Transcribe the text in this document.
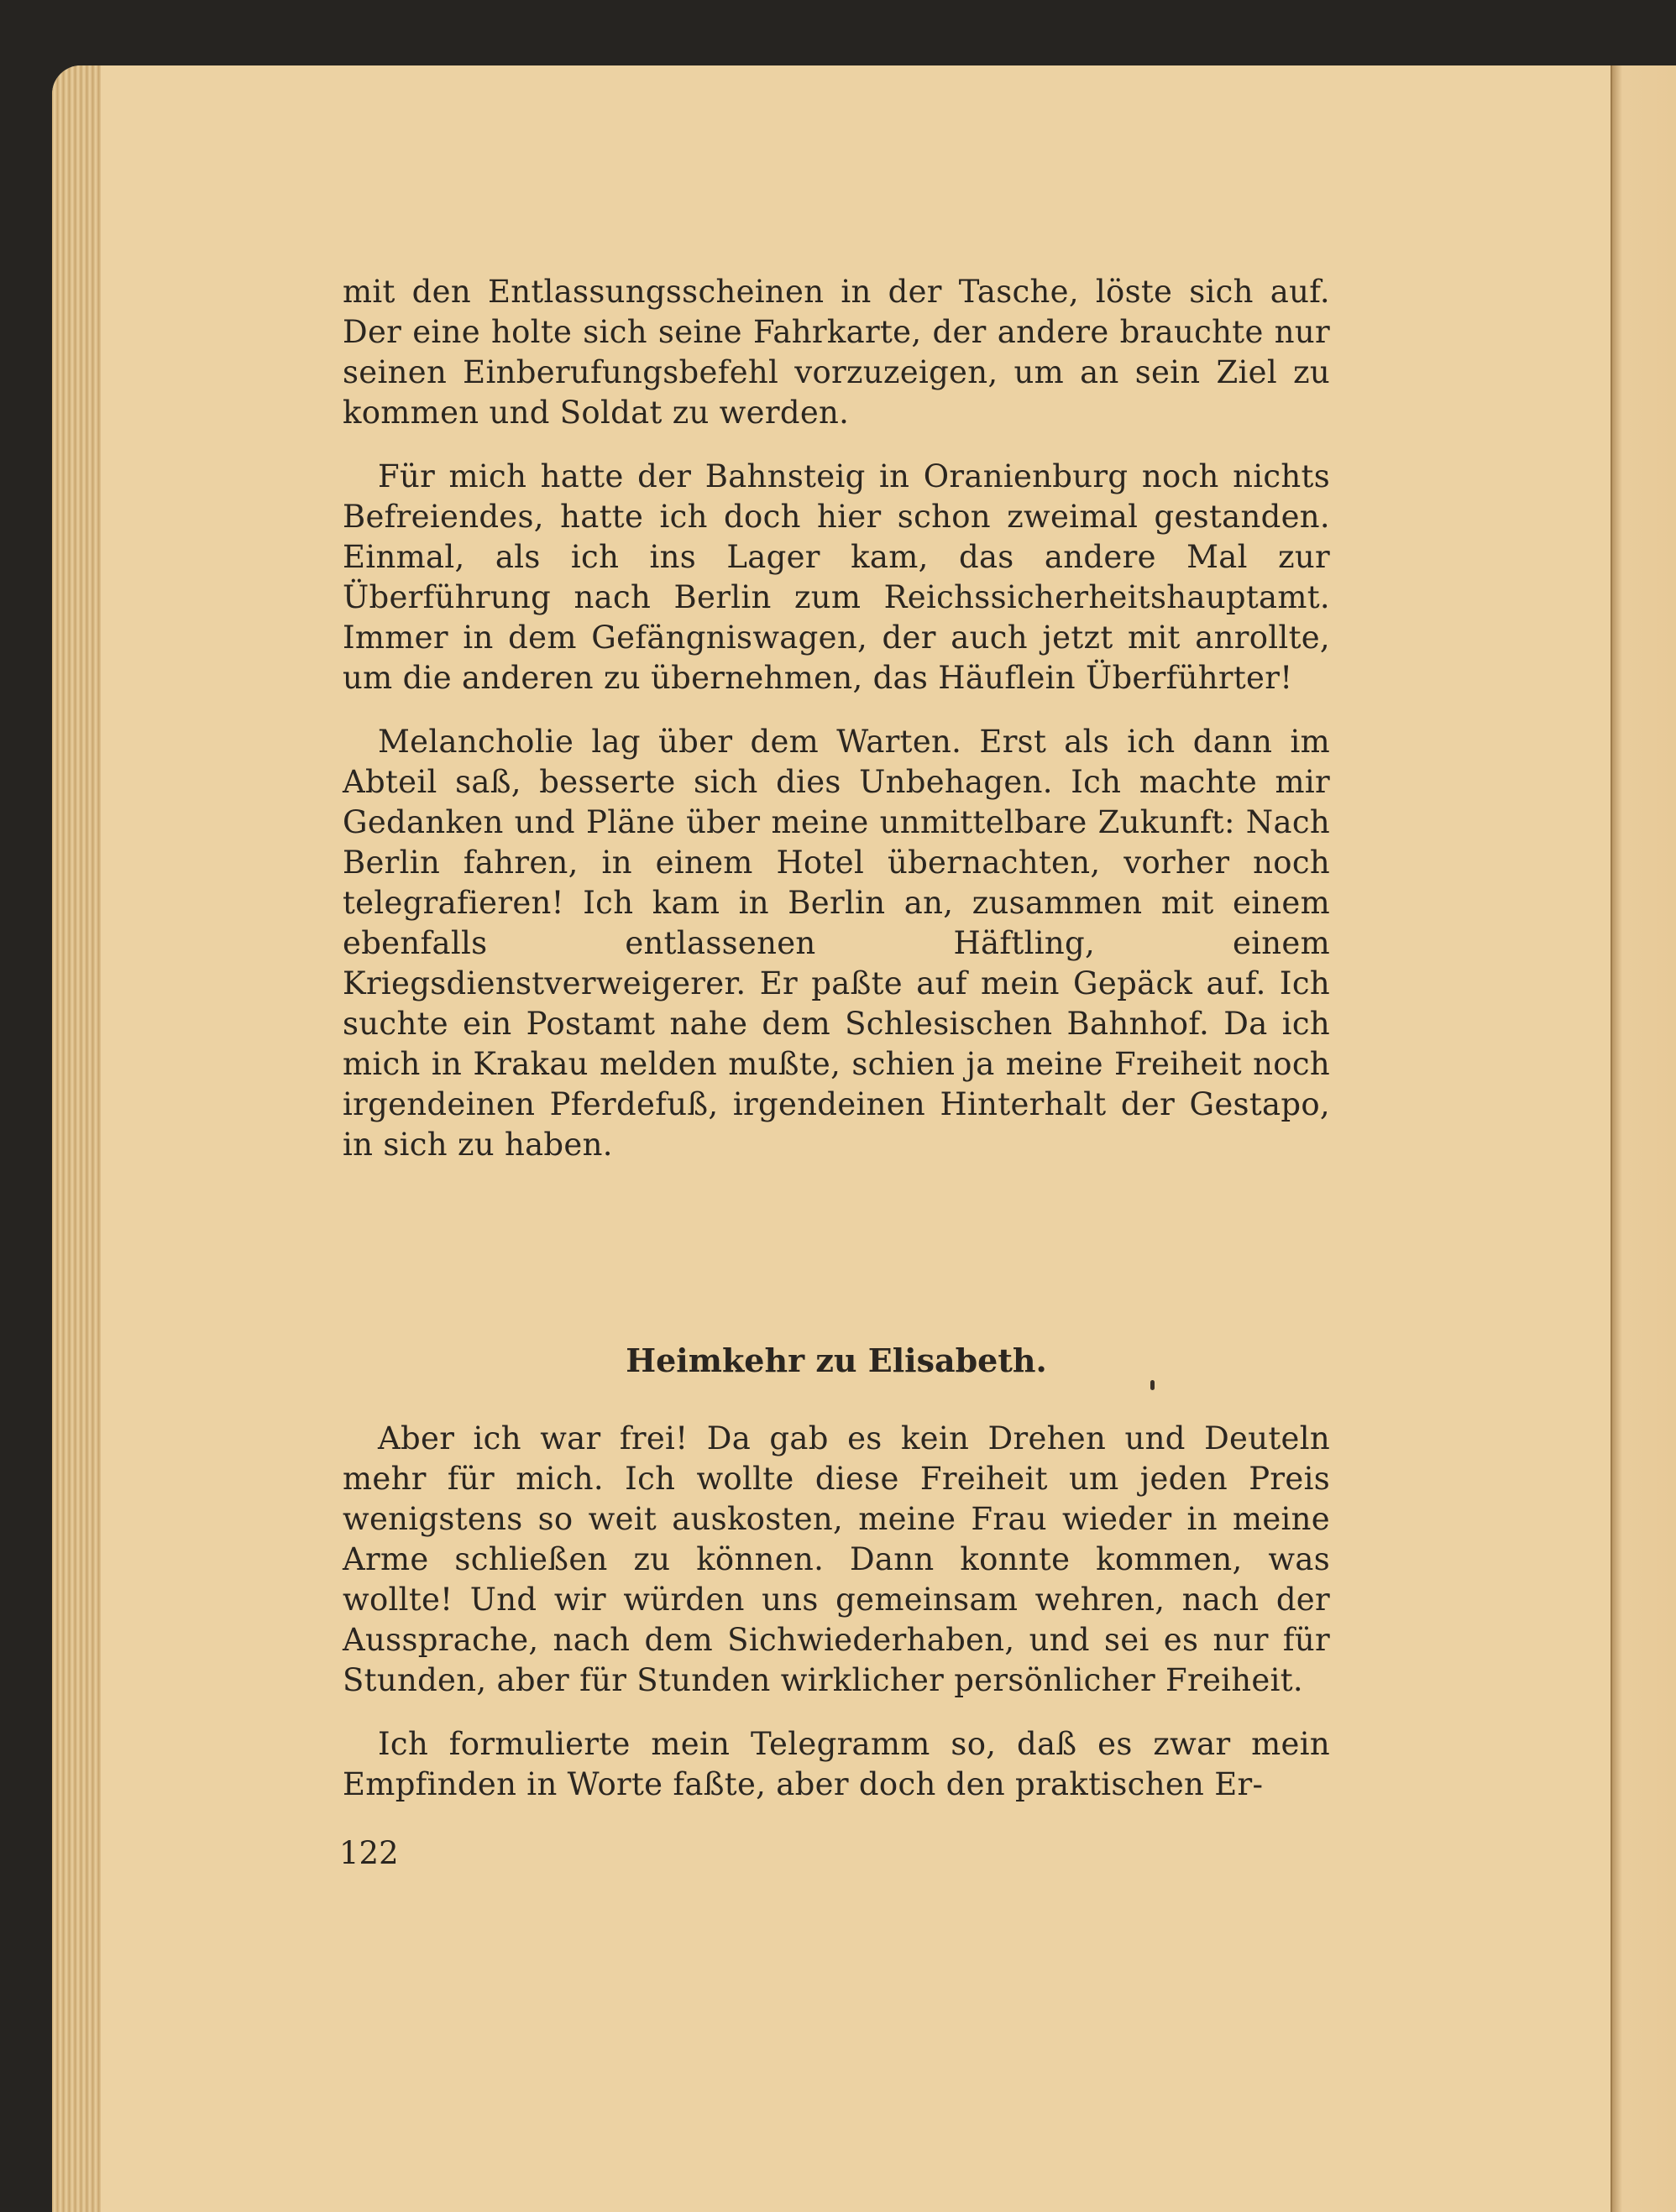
mit den Entlassungsscheinen in der Tasche, löste sich auf. Der eine holte sich seine Fahrkarte, der andere brauchte nur seinen Einberufungsbefehl vorzuzeigen, um an sein Ziel zu kommen und Soldat zu werden.

Für mich hatte der Bahnsteig in Oranienburg noch nichts Befreiendes, hatte ich doch hier schon zweimal gestanden. Einmal, als ich ins Lager kam, das andere Mal zur Überführung nach Berlin zum Reichssicherheitshauptamt. Immer in dem Gefängniswagen, der auch jetzt mit anrollte, um die anderen zu übernehmen, das Häuflein Überführter!

Melancholie lag über dem Warten. Erst als ich dann im Abteil saß, besserte sich dies Unbehagen. Ich machte mir Gedanken und Pläne über meine unmittelbare Zukunft: Nach Berlin fahren, in einem Hotel übernachten, vorher noch telegrafieren! Ich kam in Berlin an, zusammen mit einem ebenfalls entlassenen Häftling, einem Kriegsdienstverweigerer. Er paßte auf mein Gepäck auf. Ich suchte ein Postamt nahe dem Schlesischen Bahnhof. Da ich mich in Krakau melden mußte, schien ja meine Freiheit noch irgendeinen Pferdefuß, irgendeinen Hinterhalt der Gestapo, in sich zu haben.

Heimkehr zu Elisabeth.

Aber ich war frei! Da gab es kein Drehen und Deuteln mehr für mich. Ich wollte diese Freiheit um jeden Preis wenigstens so weit auskosten, meine Frau wieder in meine Arme schließen zu können. Dann konnte kommen, was wollte! Und wir würden uns gemeinsam wehren, nach der Aussprache, nach dem Sichwiederhaben, und sei es nur für Stunden, aber für Stunden wirklicher persönlicher Freiheit.

Ich formulierte mein Telegramm so, daß es zwar mein Empfinden in Worte faßte, aber doch den praktischen Er-

122
